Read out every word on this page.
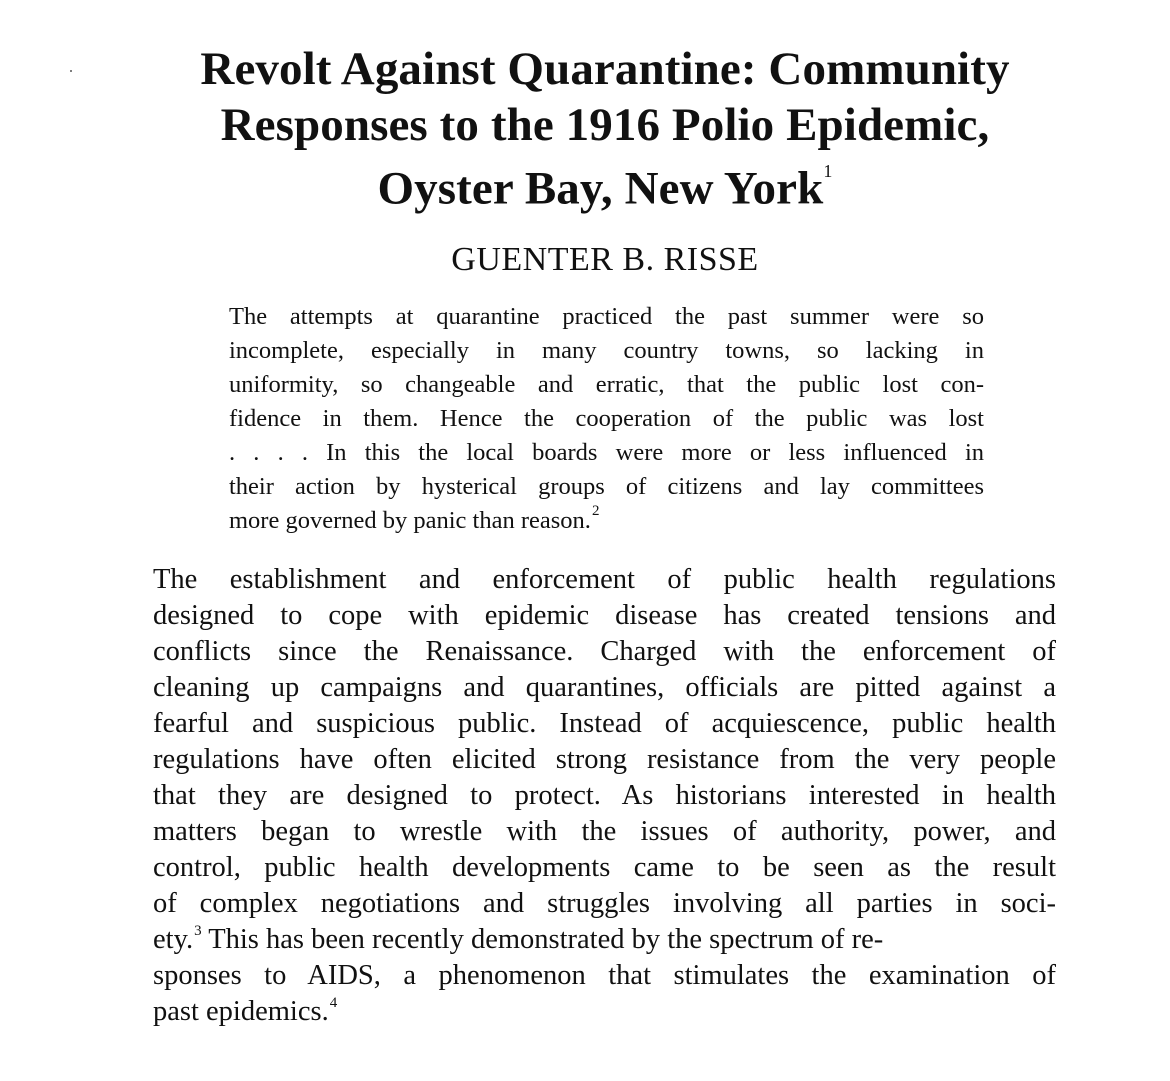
Revolt Against Quarantine: Community
Responses to the 1916 Polio Epidemic,
Oyster Bay, New York$^1$
GUENTER B. RISSE
The attempts at quarantine practiced the past summer were so
incomplete, especially in many country towns, so lacking in
uniformity, so changeable and erratic, that the public lost con-
fidence in them. Hence the cooperation of the public was lost
. . . . In this the local boards were more or less influenced in
their action by hysterical groups of citizens and lay committees
more governed by panic than reason.$^2$
The establishment and enforcement of public health regulations
designed to cope with epidemic disease has created tensions and
conflicts since the Renaissance. Charged with the enforcement of
cleaning up campaigns and quarantines, officials are pitted against a
fearful and suspicious public. Instead of acquiescence, public health
regulations have often elicited strong resistance from the very people
that they are designed to protect. As historians interested in health
matters began to wrestle with the issues of authority, power, and
control, public health developments came to be seen as the result
of complex negotiations and struggles involving all parties in soci-
ety.$^3$ This has been recently demonstrated by the spectrum of re-
sponses to AIDS, a phenomenon that stimulates the examination of
past epidemics.$^4$
